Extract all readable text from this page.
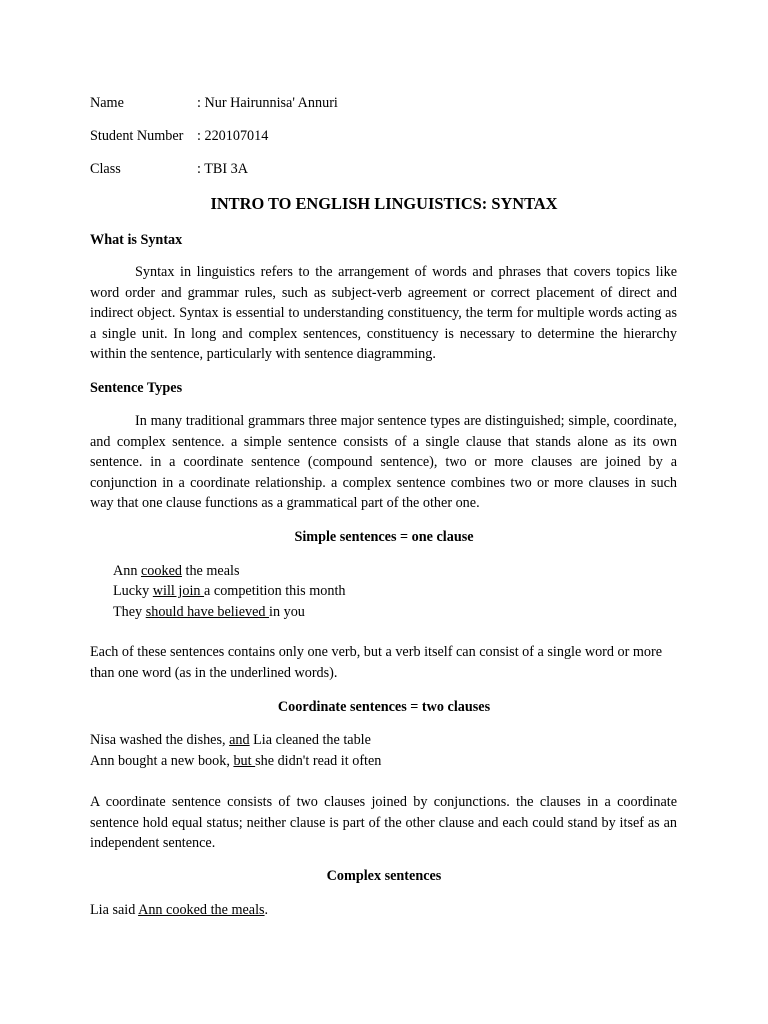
Name	: Nur Hairunnisa' Annuri
Student Number : 220107014
Class	: TBI 3A
INTRO TO ENGLISH LINGUISTICS: SYNTAX
What is Syntax
Syntax in linguistics refers to the arrangement of words and phrases that covers topics like word order and grammar rules, such as subject-verb agreement or correct placement of direct and indirect object. Syntax is essential to understanding constituency, the term for multiple words acting as a single unit. In long and complex sentences, constituency is necessary to determine the hierarchy within the sentence, particularly with sentence diagramming.
Sentence Types
In many traditional grammars three major sentence types are distinguished; simple, coordinate, and complex sentence. a simple sentence consists of a single clause that stands alone as its own sentence. in a coordinate sentence (compound sentence), two or more clauses are joined by a conjunction in a coordinate relationship. a complex sentence combines two or more clauses in such way that one clause functions as a grammatical part of the other one.
Simple sentences = one clause
Ann cooked the meals
Lucky will join a competition this month
They should have believed in you
Each of these sentences contains only one verb, but a verb itself can consist of a single word or more than one word (as in the underlined words).
Coordinate sentences = two clauses
Nisa washed the dishes, and Lia cleaned the table
Ann bought a new book, but she didn't read it often
A coordinate sentence consists of two clauses joined by conjunctions. the clauses in a coordinate sentence hold equal status; neither clause is part of the other clause and each could stand by itsef as an independent sentence.
Complex sentences
Lia said Ann cooked the meals.
